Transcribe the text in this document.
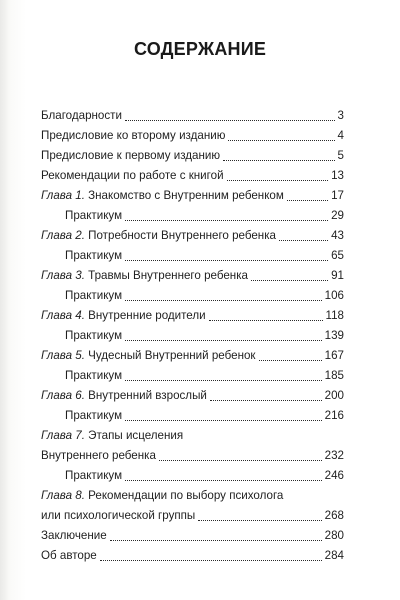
СОДЕРЖАНИЕ
Благодарности	3
Предисловие ко второму изданию	4
Предисловие к первому изданию	5
Рекомендации по работе с книгой	13
Глава 1. Знакомство с Внутренним ребенком	17
Практикум	29
Глава 2. Потребности Внутреннего ребенка	43
Практикум	65
Глава 3. Травмы Внутреннего ребенка	91
Практикум	106
Глава 4. Внутренние родители	118
Практикум	139
Глава 5. Чудесный Внутренний ребенок	167
Практикум	185
Глава 6. Внутренний взрослый	200
Практикум	216
Глава 7. Этапы исцеления
Внутреннего ребенка	232
Практикум	246
Глава 8. Рекомендации по выбору психолога
или психологической группы	268
Заключение	280
Об авторе	284
